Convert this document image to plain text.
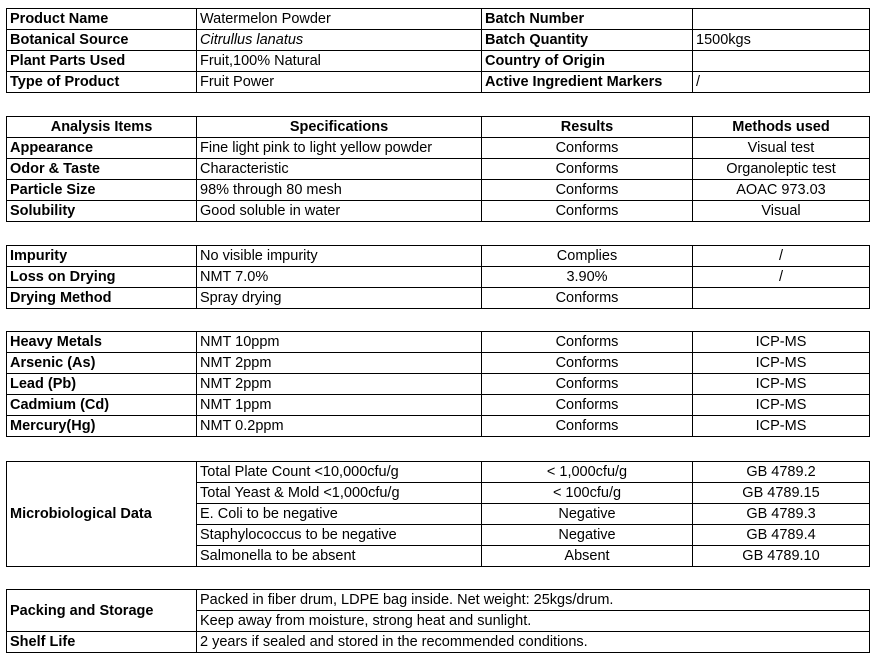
Product Name	Watermelon Powder	Batch Number	
Botanical Source	Citrullus lanatus	Batch Quantity	1500kgs
Plant Parts Used	Fruit,100% Natural	Country of Origin	
Type of Product	Fruit Power	Active Ingredient Markers	/
Analysis Items	Specifications	Results	Methods used
Appearance	Fine light pink to light yellow powder	Conforms	Visual test
Odor & Taste	Characteristic	Conforms	Organoleptic test
Particle Size	98% through 80 mesh	Conforms	AOAC 973.03
Solubility	Good soluble in water	Conforms	Visual
Impurity	No visible impurity	Complies	/
Loss on Drying	NMT 7.0%	3.90%	/
Drying Method	Spray drying	Conforms	
Heavy Metals	NMT 10ppm	Conforms	ICP-MS
Arsenic (As)	NMT 2ppm	Conforms	ICP-MS
Lead (Pb)	NMT 2ppm	Conforms	ICP-MS
Cadmium (Cd)	NMT 1ppm	Conforms	ICP-MS
Mercury(Hg)	NMT 0.2ppm	Conforms	ICP-MS
Microbiological Data	Total Plate Count <10,000cfu/g	< 1,000cfu/g	GB 4789.2
	Total Yeast & Mold <1,000cfu/g	< 100cfu/g	GB 4789.15
	E. Coli to be negative	Negative	GB 4789.3
	Staphylococcus to be negative	Negative	GB 4789.4
	Salmonella to be absent	Absent	GB 4789.10
Packing and Storage	Packed in fiber drum, LDPE bag inside. Net weight: 25kgs/drum.
Keep away from moisture, strong heat and sunlight.

Shelf Life	2 years if sealed and stored in the recommended conditions.
